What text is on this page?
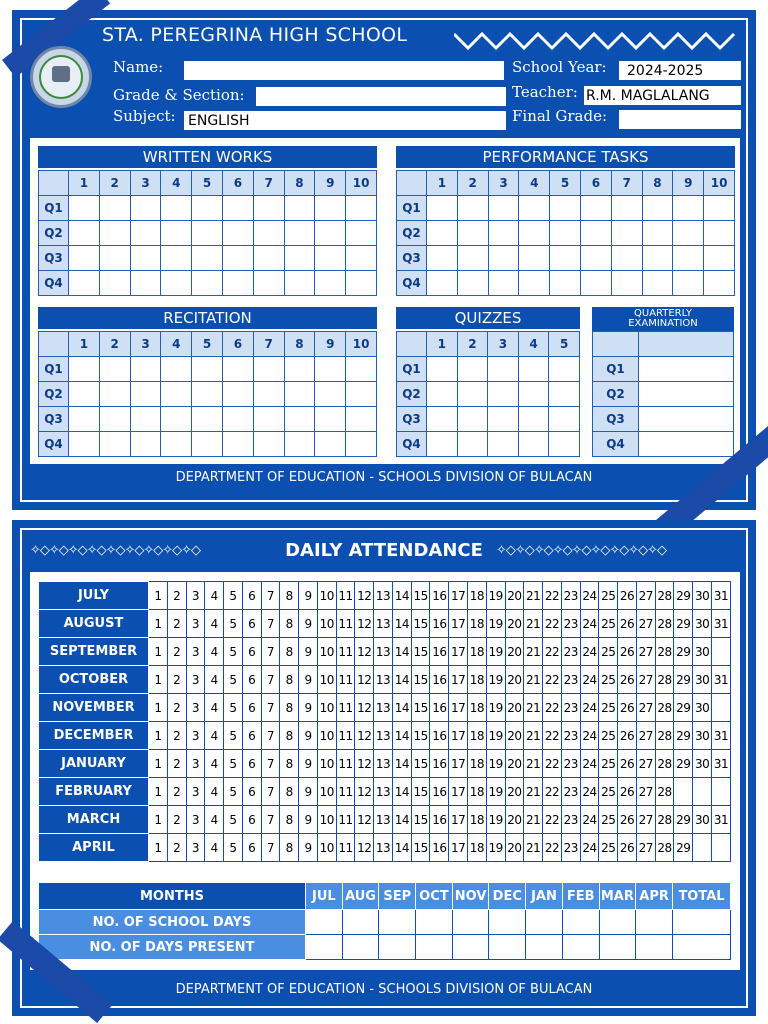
STA. PEREGRINA HIGH SCHOOL
Name:	School Year:	2024-2025
Grade & Section:	Teacher: R.M. MAGLALANG
Subject: ENGLISH	Final Grade:
WRITTEN WORKS
	1	2	3	4	5	6	7	8	9	10
Q1										
Q2										
Q3										
Q4										
PERFORMANCE TASKS
	1	2	3	4	5	6	7	8	9	10
Q1										
Q2										
Q3										
Q4										
RECITATION
	1	2	3	4	5	6	7	8	9	10
Q1										
Q2										
Q3										
Q4										
QUIZZES
	1	2	3	4	5
Q1					
Q2					
Q3					
Q4					
QUARTERLY
EXAMINATION

Q1	
Q2	
Q3	
Q4	
DEPARTMENT OF EDUCATION - SCHOOLS DIVISION OF BULACAN
✧◇✧◇✧◇✧◇✧◇✧◇✧◇✧◇✧◇	DAILY ATTENDANCE	✧◇✧◇✧◇✧◇✧◇✧◇✧◇✧◇✧◇
JULY	1	2	3	4	5	6	7	8	9	10	11	12	13	14	15	16	17	18	19	20	21	22	23	24	25	26	27	28	29	30	31
AUGUST	1	2	3	4	5	6	7	8	9	10	11	12	13	14	15	16	17	18	19	20	21	22	23	24	25	26	27	28	29	30	31
SEPTEMBER	1	2	3	4	5	6	7	8	9	10	11	12	13	14	15	16	17	18	19	20	21	22	23	24	25	26	27	28	29	30	
OCTOBER	1	2	3	4	5	6	7	8	9	10	11	12	13	14	15	16	17	18	19	20	21	22	23	24	25	26	27	28	29	30	31
NOVEMBER	1	2	3	4	5	6	7	8	9	10	11	12	13	14	15	16	17	18	19	20	21	22	23	24	25	26	27	28	29	30	
DECEMBER	1	2	3	4	5	6	7	8	9	10	11	12	13	14	15	16	17	18	19	20	21	22	23	24	25	26	27	28	29	30	31
JANUARY	1	2	3	4	5	6	7	8	9	10	11	12	13	14	15	16	17	18	19	20	21	22	23	24	25	26	27	28	29	30	31
FEBRUARY	1	2	3	4	5	6	7	8	9	10	11	12	13	14	15	16	17	18	19	20	21	22	23	24	25	26	27	28			
MARCH	1	2	3	4	5	6	7	8	9	10	11	12	13	14	15	16	17	18	19	20	21	22	23	24	25	26	27	28	29	30	31
APRIL	1	2	3	4	5	6	7	8	9	10	11	12	13	14	15	16	17	18	19	20	21	22	23	24	25	26	27	28	29		
MONTHS	JUL	AUG	SEP	OCT	NOV	DEC	JAN	FEB	MAR	APR	TOTAL
NO. OF SCHOOL DAYS											
NO. OF DAYS PRESENT											
DEPARTMENT OF EDUCATION - SCHOOLS DIVISION OF BULACAN
